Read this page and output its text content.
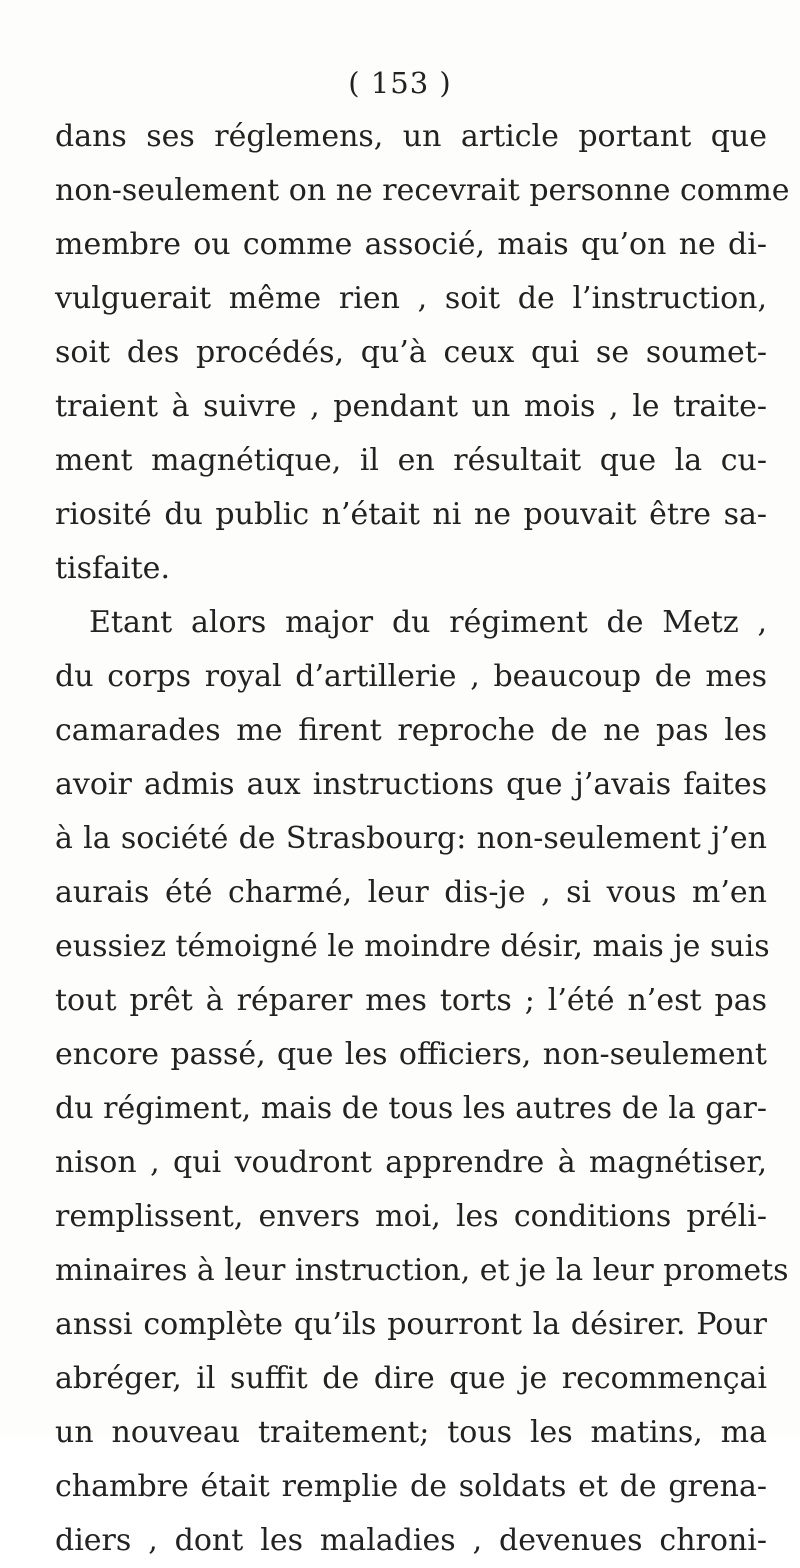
( 153 )
dans ses réglemens, un article portant que
non-seulement on ne recevrait personne comme
membre ou comme associé, mais qu’on ne di-
vulguerait même rien , soit de l’instruction,
soit des procédés, qu’à ceux qui se soumet-
traient à suivre , pendant un mois , le traite-
ment magnétique, il en résultait que la cu-
riosité du public n’était ni ne pouvait être sa-
tisfaite.
Etant alors major du régiment de Metz ,
du corps royal d’artillerie , beaucoup de mes
camarades me firent reproche de ne pas les
avoir admis aux instructions que j’avais faites
à la société de Strasbourg: non-seulement j’en
aurais été charmé, leur dis-je , si vous m’en
eussiez témoigné le moindre désir, mais je suis
tout prêt à réparer mes torts ; l’été n’est pas
encore passé, que les officiers, non-seulement
du régiment, mais de tous les autres de la gar-
nison , qui voudront apprendre à magnétiser,
remplissent, envers moi, les conditions préli-
minaires à leur instruction, et je la leur promets
anssi complète qu’ils pourront la désirer. Pour
abréger, il suffit de dire que je recommençai
un nouveau traitement; tous les matins, ma
chambre était remplie de soldats et de grena-
diers , dont les maladies , devenues chroni-
